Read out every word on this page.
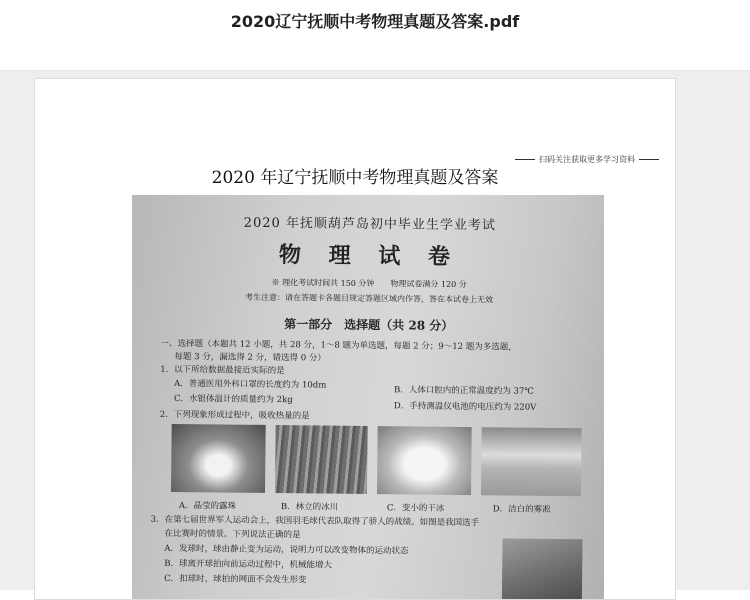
2020辽宁抚顺中考物理真题及答案.pdf
扫码关注获取更多学习资料
2020 年辽宁抚顺中考物理真题及答案
2020 年抚顺葫芦岛初中毕业生学业考试
物 理 试 卷
※ 理化考试时间共 150 分钟　　物理试卷满分 120 分
考生注意：请在答题卡各题目规定答题区域内作答，答在本试卷上无效
第一部分　选择题（共 28 分）
一、选择题（本题共 12 小题，共 28 分，1～8 题为单选题，每题 2 分；9～12 题为多选题，
每题 3 分，漏选得 2 分，错选得 0 分）
1．以下所给数据最接近实际的是
A．普通医用外科口罩的长度约为 10dm
B．人体口腔内的正常温度约为 37℃
C．水银体温计的质量约为 2kg
D．手持测温仪电池的电压约为 220V
2．下列现象形成过程中，吸收热量的是
A．晶莹的露珠	B．林立的冰川	C．变小的干冰	D．洁白的雾凇
3．在第七届世界军人运动会上，我国羽毛球代表队取得了骄人的战绩。如图是我国选手
在比赛时的情景。下列说法正确的是
A．发球时，球由静止变为运动，说明力可以改变物体的运动状态
B．球离开球拍向前运动过程中，机械能增大
C．扣球时，球拍的网面不会发生形变
